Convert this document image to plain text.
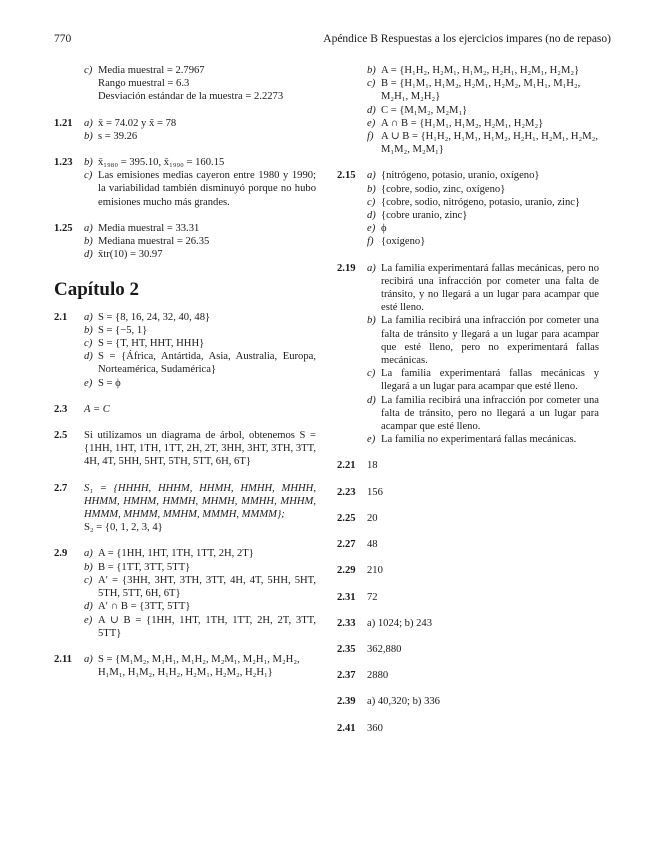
770	Apéndice B Respuestas a los ejercicios impares (no de repaso)
c) Media muestral = 2.7967
Rango muestral = 6.3
Desviación estándar de la muestra = 2.2273
1.21 a) x̄ = 74.02 y x̃ = 78
b) s = 39.26
1.23 b) x̄₁₉₈₀ = 395.10, x̄₁₉₉₀ = 160.15
c) Las emisiones medias cayeron entre 1980 y 1990; la variabilidad también disminuyó porque no hubo emisiones mucho más grandes.
1.25 a) Media muestral = 33.31
b) Mediana muestral = 26.35
d) x̄tr(10) = 30.97
Capítulo 2
2.1 a) S = {8, 16, 24, 32, 40, 48}
b) S = {−5, 1}
c) S = {T, HT, HHT, HHH}
d) S = {África, Antártida, Asia, Australia, Europa, Norteamérica, Sudamérica}
e) S = ϕ
2.3 A = C
2.5 Si utilizamos un diagrama de árbol, obtenemos S = {1HH, 1HT, 1TH, 1TT, 2H, 2T, 3HH, 3HT, 3TH, 3TT, 4H, 4T, 5HH, 5HT, 5TH, 5TT, 6H, 6T}
2.7 S₁ = {HHHH, HHHM, HHMH, HMHH, MHHH, HHMM, HMHM, HMMH, MHMH, MMHH, MHHM, HMMM, MHMM, MMHM, MMMH, MMMM};
S₂ = {0, 1, 2, 3, 4}
2.9 a) A = {1HH, 1HT, 1TH, 1TT, 2H, 2T}
b) B = {1TT, 3TT, 5TT}
c) A′ = {3HH, 3HT, 3TH, 3TT, 4H, 4T, 5HH, 5HT, 5TH, 5TT, 6H, 6T}
d) A′ ∩ B = {3TT, 5TT}
e) A ∪ B = {1HH, 1HT, 1TH, 1TT, 2H, 2T, 3TT, 5TT}
2.11 a) S = {M₁M₂, M₁H₁, M₁H₂, M₂M₁, M₂H₁, M₂H₂, H₁M₁, H₁M₂, H₁H₂, H₂M₁, H₂M₂, H₂H₁}
b) A = {H₁H₂, H₂M₁, H₁M₂, H₂H₁, H₂M₁, H₂M₂}
c) B = {H₁M₁, H₁M₂, H₂M₁, H₂M₂, M₁H₁, M₁H₂, M₂H₁, M₂H₂}
d) C = {M₁M₂, M₂M₁}
e) A ∩ B = {H₁M₁, H₁M₂, H₂M₁, H₂M₂}
f) A ∪ B = {H₁H₂, H₁M₁, H₁M₂, H₂H₁, H₂M₁, H₂M₂, M₁M₂, M₂M₁}
2.15 a) {nitrógeno, potasio, uranio, oxígeno}
b) {cobre, sodio, zinc, oxígeno}
c) {cobre, sodio, nitrógeno, potasio, uranio, zinc}
d) {cobre uranio, zinc}
e) ϕ
f) {oxígeno}
2.19 a) La familia experimentará fallas mecánicas, pero no recibirá una infracción por cometer una falta de tránsito, y no llegará a un lugar para acampar que esté lleno.
b) La familia recibirá una infracción por cometer una falta de tránsito y llegará a un lugar para acampar que esté lleno, pero no experimentará fallas mecánicas.
c) La familia experimentará fallas mecánicas y llegará a un lugar para acampar que esté lleno.
d) La familia recibirá una infracción por cometer una falta de tránsito, pero no llegará a un lugar para acampar que esté lleno.
e) La familia no experimentará fallas mecánicas.
2.21 18
2.23 156
2.25 20
2.27 48
2.29 210
2.31 72
2.33 a) 1024; b) 243
2.35 362,880
2.37 2880
2.39 a) 40,320; b) 336
2.41 360
